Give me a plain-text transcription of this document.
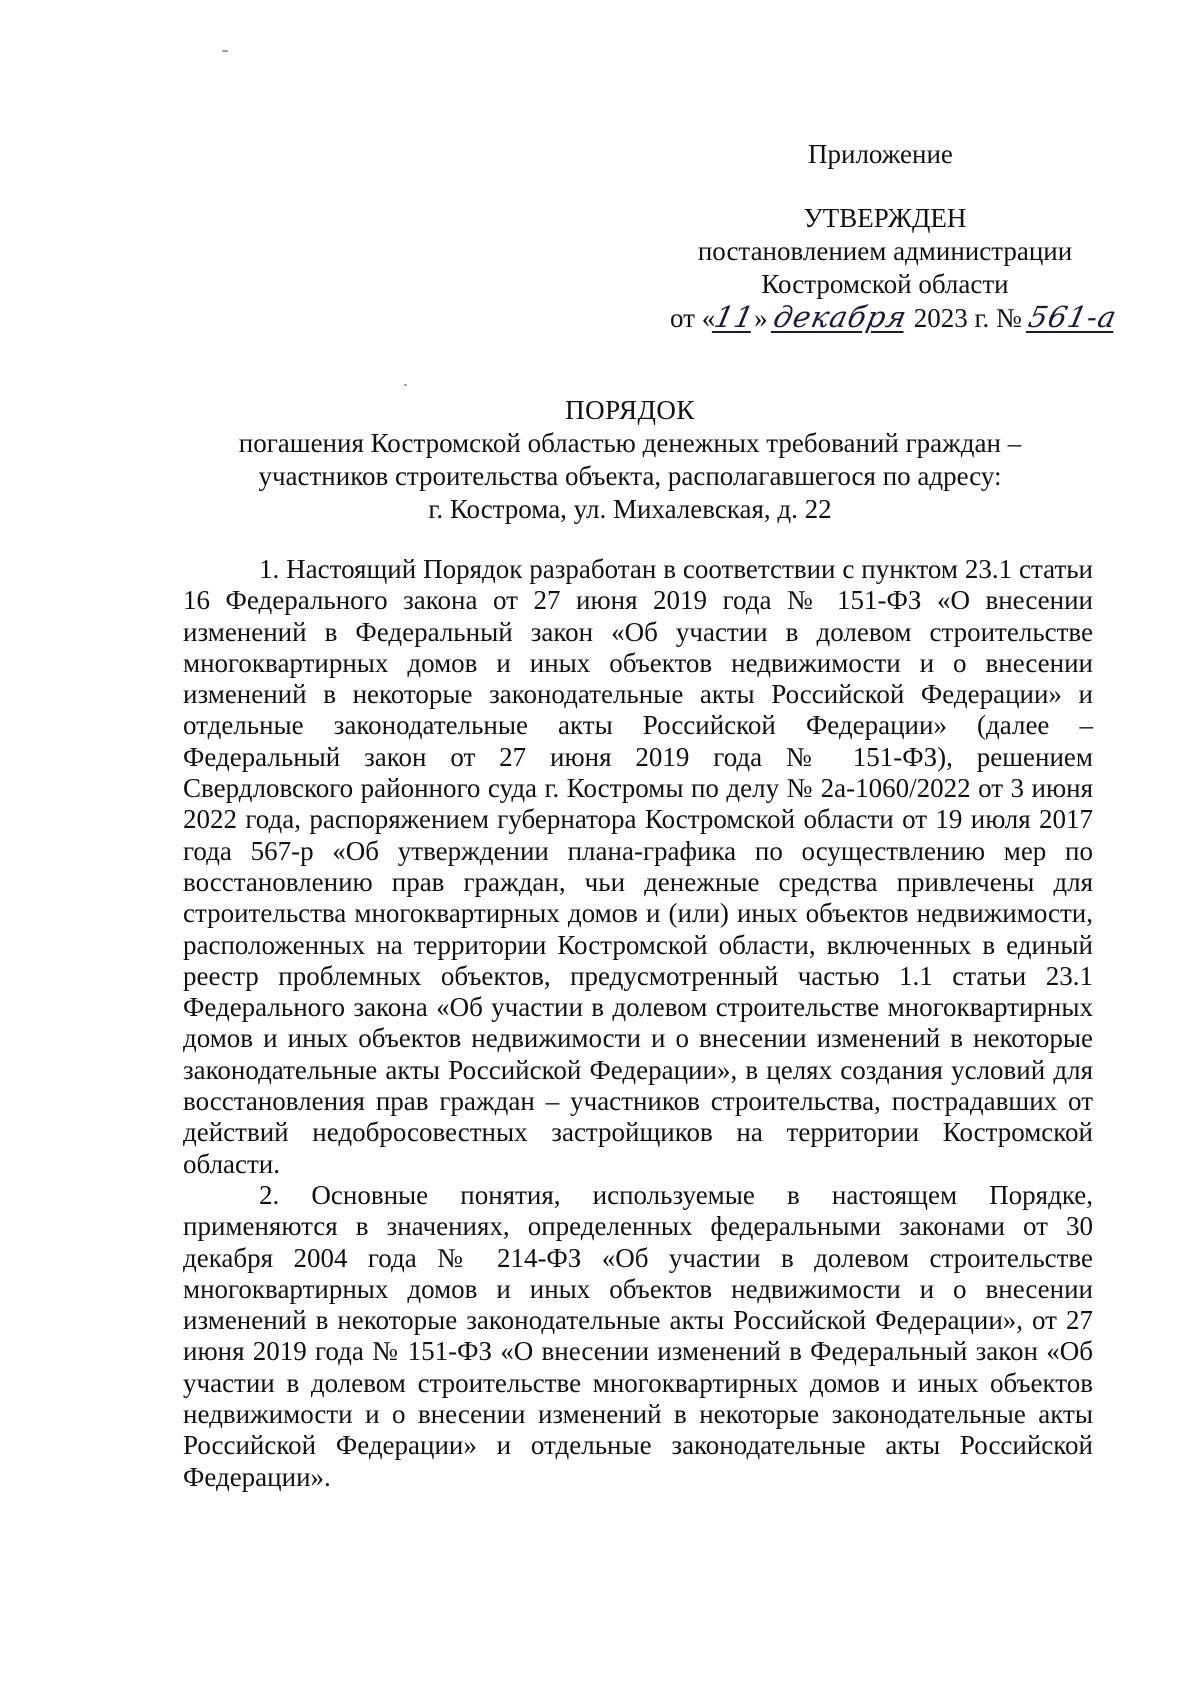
Приложение
УТВЕРЖДЕН
постановлением администрации
Костромской области
от «11» декабря 2023 г. № 561-а
ПОРЯДОК
погашения Костромской областью денежных требований граждан –
участников строительства объекта, располагавшегося по адресу:
г. Кострома, ул. Михалевская, д. 22

1. Настоящий Порядок разработан в соответствии с пунктом 23.1 статьи 16 Федерального закона от 27 июня 2019 года № 151-ФЗ «О внесении изменений в Федеральный закон «Об участии в долевом строительстве многоквартирных домов и иных объектов недвижимости и о внесении изменений в некоторые законодательные акты Российской Федерации» и отдельные законодательные акты Российской Федерации» (далее – Федеральный закон от 27 июня 2019 года № 151-ФЗ), решением Свердловского районного суда г. Костромы по делу № 2а-1060/2022 от 3 июня 2022 года, распоряжением губернатора Костромской области от 19 июля 2017 года 567-р «Об утверждении плана-графика по осуществлению мер по восстановлению прав граждан, чьи денежные средства привлечены для строительства многоквартирных домов и (или) иных объектов недвижимости, расположенных на территории Костромской области, включенных в единый реестр проблемных объектов, предусмотренный частью 1.1 статьи 23.1 Федерального закона «Об участии в долевом строительстве многоквартирных домов и иных объектов недвижимости и о внесении изменений в некоторые законодательные акты Российской Федерации», в целях создания условий для восстановления прав граждан – участников строительства, пострадавших от действий недобросовестных застройщиков на территории Костромской области.

2. Основные понятия, используемые в настоящем Порядке, применяются в значениях, определенных федеральными законами от 30 декабря 2004 года № 214-ФЗ «Об участии в долевом строительстве многоквартирных домов и иных объектов недвижимости и о внесении изменений в некоторые законодательные акты Российской Федерации», от 27 июня 2019 года № 151-ФЗ «О внесении изменений в Федеральный закон «Об участии в долевом строительстве многоквартирных домов и иных объектов недвижимости и о внесении изменений в некоторые законодательные акты Российской Федерации» и отдельные законодательные акты Российской Федерации».
